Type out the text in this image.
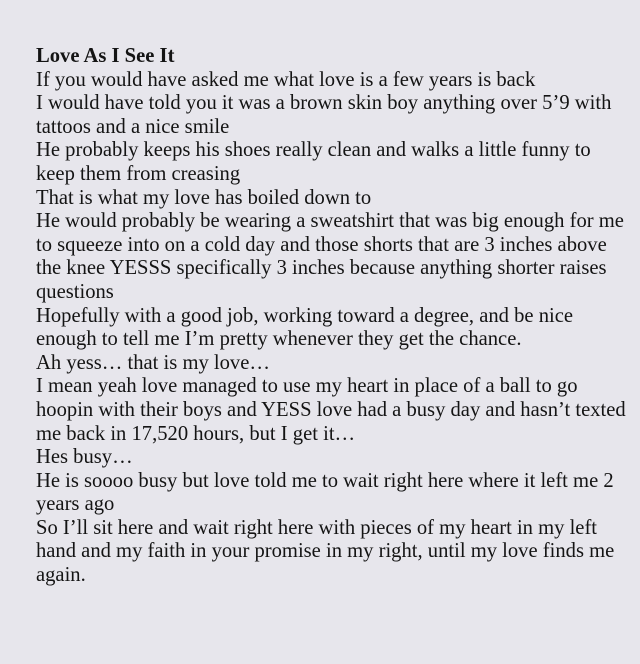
Love As I See It
If you would have asked me what love is a few years is back
I would have told you it was a brown skin boy anything over 5’9 with tattoos and a nice smile
He probably keeps his shoes really clean and walks a little funny to keep them from creasing
That is what my love has boiled down to
He would probably be wearing a sweatshirt that was big enough for me to squeeze into on a cold day and those shorts that are 3 inches above the knee YESSS specifically 3 inches because anything shorter raises questions
Hopefully with a good job, working toward a degree, and be nice enough to tell me I’m pretty whenever they get the chance.
Ah yess… that is my love…
I mean yeah love managed to use my heart in place of a ball to go hoopin with their boys and YESS love had a busy day and hasn’t texted me back in 17,520 hours, but I get it…
Hes busy…
He is soooo busy but love told me to wait right here where it left me 2 years ago
So I’ll sit here and wait right here with pieces of my heart in my left hand and my faith in your promise in my right, until my love finds me again.
